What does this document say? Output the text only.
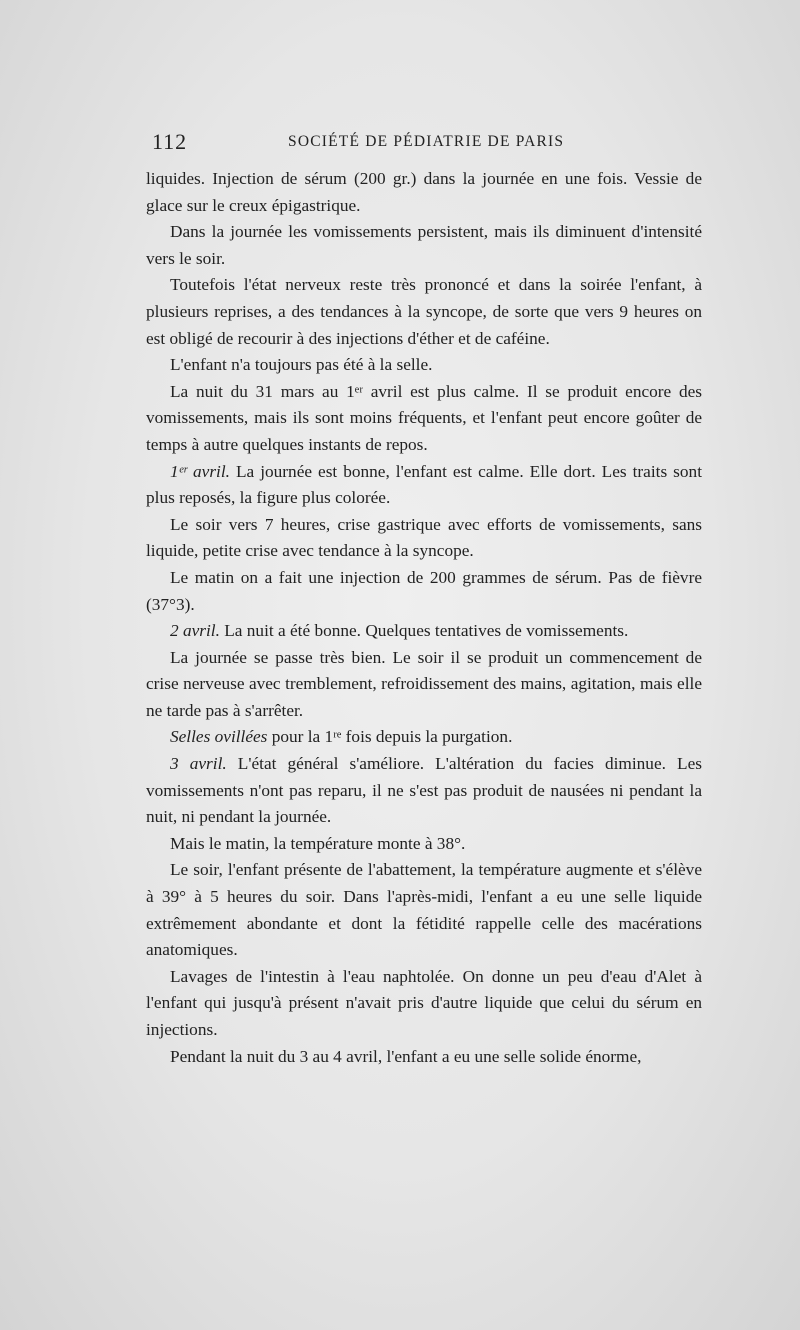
112	SOCIÉTÉ DE PÉDIATRIE DE PARIS

liquides. Injection de sérum (200 gr.) dans la journée en une fois. Vessie de glace sur le creux épigastrique.

Dans la journée les vomissements persistent, mais ils diminuent d'intensité vers le soir.

Toutefois l'état nerveux reste très prononcé et dans la soirée l'enfant, à plusieurs reprises, a des tendances à la syncope, de sorte que vers 9 heures on est obligé de recourir à des injections d'éther et de caféine.

L'enfant n'a toujours pas été à la selle.

La nuit du 31 mars au 1ᵉʳ avril est plus calme. Il se produit encore des vomissements, mais ils sont moins fréquents, et l'enfant peut encore goûter de temps à autre quelques instants de repos.

1ᵉʳ avril. La journée est bonne, l'enfant est calme. Elle dort. Les traits sont plus reposés, la figure plus colorée.

Le soir vers 7 heures, crise gastrique avec efforts de vomissements, sans liquide, petite crise avec tendance à la syncope.

Le matin on a fait une injection de 200 grammes de sérum. Pas de fièvre (37°3).

2 avril. La nuit a été bonne. Quelques tentatives de vomissements.

La journée se passe très bien. Le soir il se produit un commencement de crise nerveuse avec tremblement, refroidissement des mains, agitation, mais elle ne tarde pas à s'arrêter.

Selles ovillées pour la 1ʳᵉ fois depuis la purgation.

3 avril. L'état général s'améliore. L'altération du facies diminue. Les vomissements n'ont pas reparu, il ne s'est pas produit de nausées ni pendant la nuit, ni pendant la journée.

Mais le matin, la température monte à 38°.

Le soir, l'enfant présente de l'abattement, la température augmente et s'élève à 39° à 5 heures du soir. Dans l'après-midi, l'enfant a eu une selle liquide extrêmement abondante et dont la fétidité rappelle celle des macérations anatomiques.

Lavages de l'intestin à l'eau naphtolée. On donne un peu d'eau d'Alet à l'enfant qui jusqu'à présent n'avait pris d'autre liquide que celui du sérum en injections.

Pendant la nuit du 3 au 4 avril, l'enfant a eu une selle solide énorme,
